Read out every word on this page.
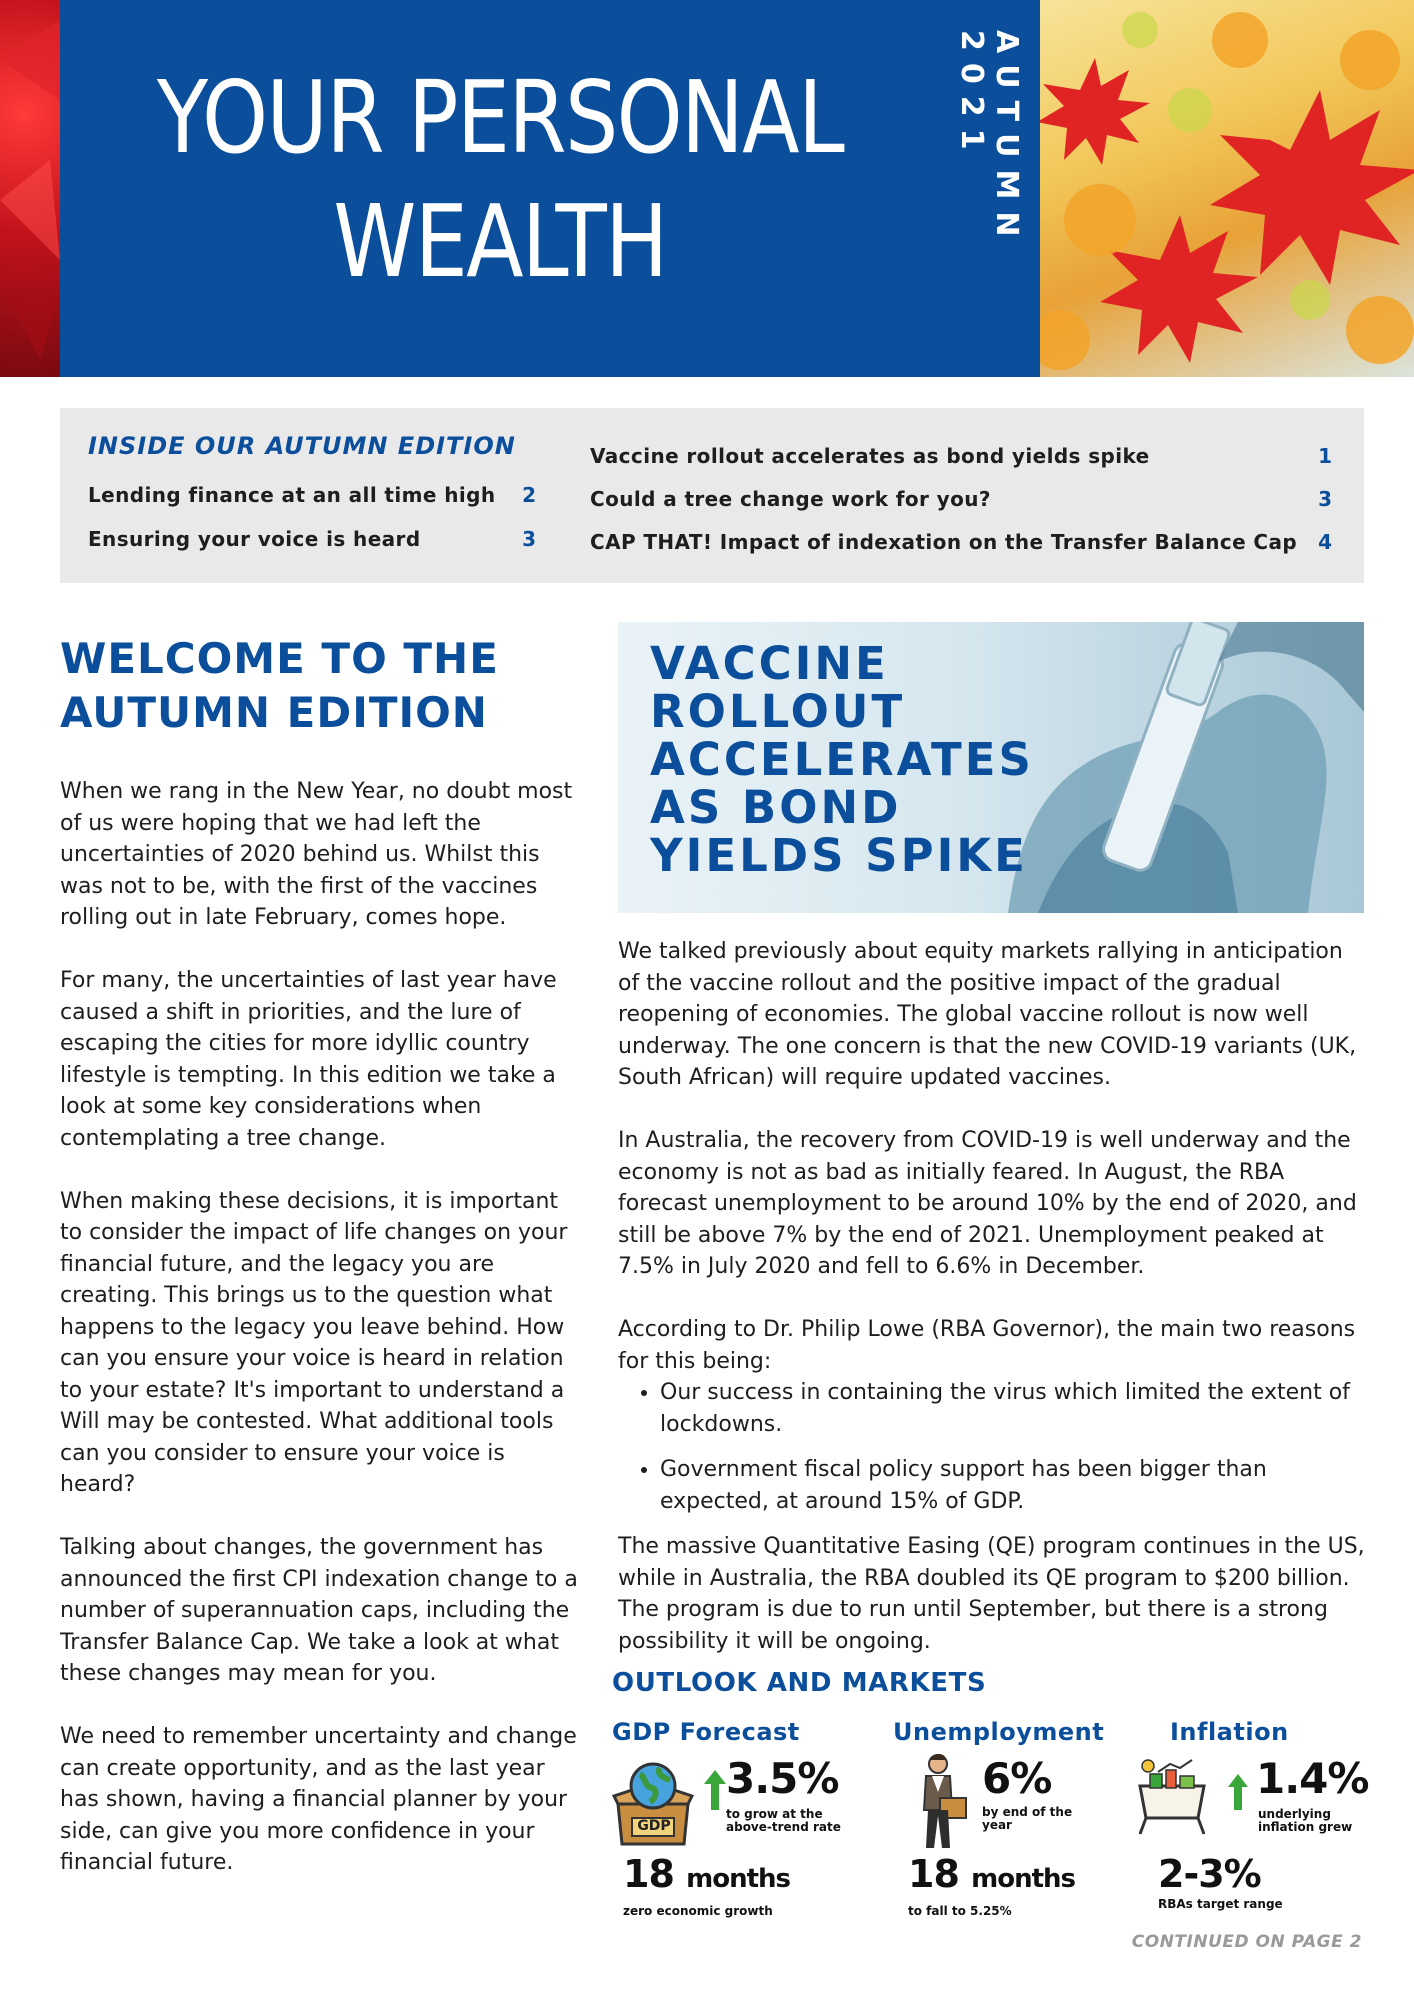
YOUR PERSONAL
WEALTH	AUTUMN 2021
INSIDE OUR AUTUMN EDITION
Lending finance at an all time high	2
Ensuring your voice is heard	3
Vaccine rollout accelerates as bond yields spike	1
Could a tree change work for you?	3
CAP THAT! Impact of indexation on the Transfer Balance Cap	4
WELCOME TO THE
AUTUMN EDITION

When we rang in the New Year, no doubt most of us were hoping that we had left the uncertainties of 2020 behind us. Whilst this was not to be, with the first of the vaccines rolling out in late February, comes hope.

For many, the uncertainties of last year have caused a shift in priorities, and the lure of escaping the cities for more idyllic country lifestyle is tempting. In this edition we take a look at some key considerations when contemplating a tree change.

When making these decisions, it is important to consider the impact of life changes on your financial future, and the legacy you are creating. This brings us to the question what happens to the legacy you leave behind. How can you ensure your voice is heard in relation to your estate? It's important to understand a Will may be contested. What additional tools can you consider to ensure your voice is heard?

Talking about changes, the government has announced the first CPI indexation change to a number of superannuation caps, including the Transfer Balance Cap. We take a look at what these changes may mean for you.

We need to remember uncertainty and change can create opportunity, and as the last year has shown, having a financial planner by your side, can give you more confidence in your financial future.

VACCINE
ROLLOUT
ACCELERATES
AS BOND
YIELDS SPIKE

We talked previously about equity markets rallying in anticipation of the vaccine rollout and the positive impact of the gradual reopening of economies. The global vaccine rollout is now well underway. The one concern is that the new COVID-19 variants (UK, South African) will require updated vaccines.

In Australia, the recovery from COVID-19 is well underway and the economy is not as bad as initially feared. In August, the RBA forecast unemployment to be around 10% by the end of 2020, and still be above 7% by the end of 2021. Unemployment peaked at 7.5% in July 2020 and fell to 6.6% in December.

According to Dr. Philip Lowe (RBA Governor), the main two reasons for this being:

• Our success in containing the virus which limited the extent of lockdowns.
• Government fiscal policy support has been bigger than expected, at around 15% of GDP.

The massive Quantitative Easing (QE) program continues in the US, while in Australia, the RBA doubled its QE program to $200 billion. The program is due to run until September, but there is a strong possibility it will be ongoing.

OUTLOOK AND MARKETS
GDP Forecast	Unemployment	Inflation
GDP
3.5%
to grow at the above-trend rate
18 months
zero economic growth
6%
by end of the year
18 months
to fall to 5.25%
1.4%
underlying inflation grew
2-3%
RBAs target range
CONTINUED ON PAGE 2
